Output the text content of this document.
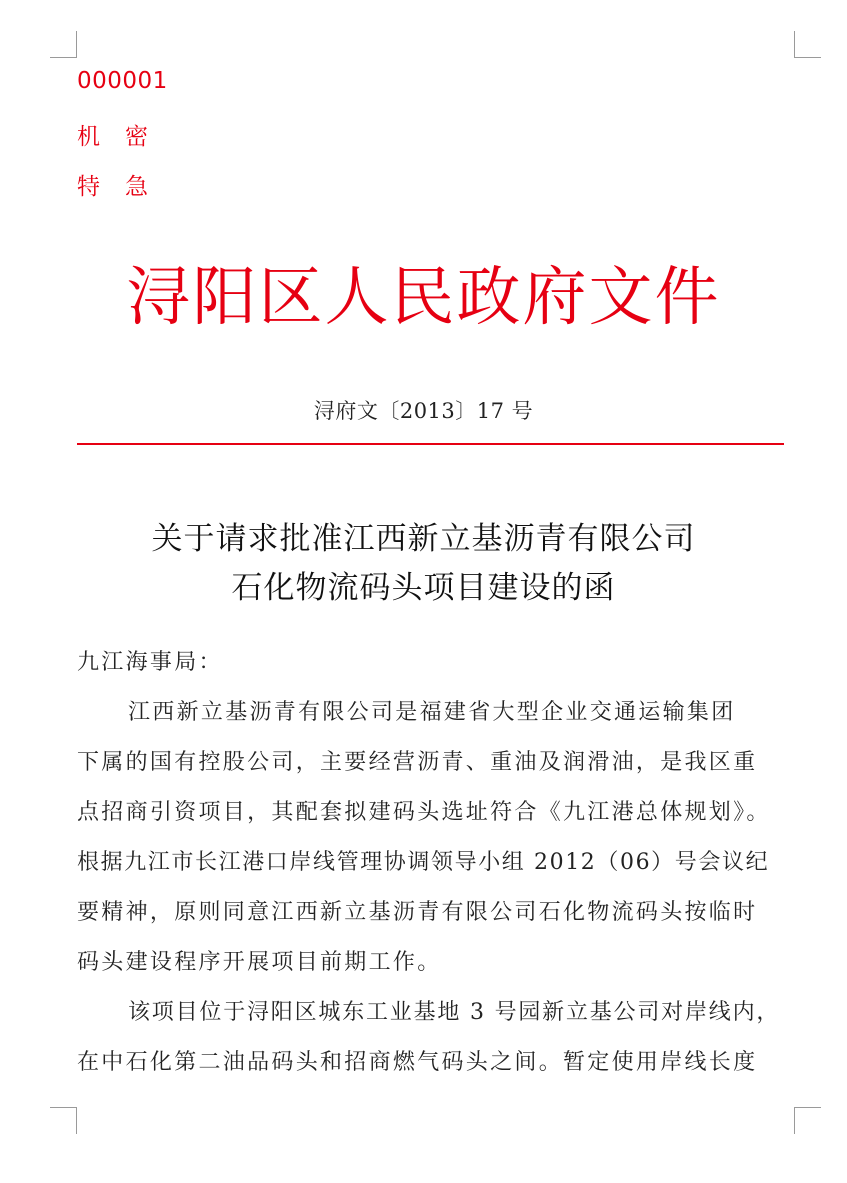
000001
机密
特急
浔阳区人民政府文件
浔府文〔2013〕17 号
关于请求批准江西新立基沥青有限公司
石化物流码头项目建设的函
九江海事局：
江西新立基沥青有限公司是福建省大型企业交通运输集团
下属的国有控股公司，主要经营沥青、重油及润滑油，是我区重
点招商引资项目，其配套拟建码头选址符合《九江港总体规划》。
根据九江市长江港口岸线管理协调领导小组 2012（06）号会议纪
要精神，原则同意江西新立基沥青有限公司石化物流码头按临时
码头建设程序开展项目前期工作。
该项目位于浔阳区城东工业基地 3 号园新立基公司对岸线内，
在中石化第二油品码头和招商燃气码头之间。暂定使用岸线长度
